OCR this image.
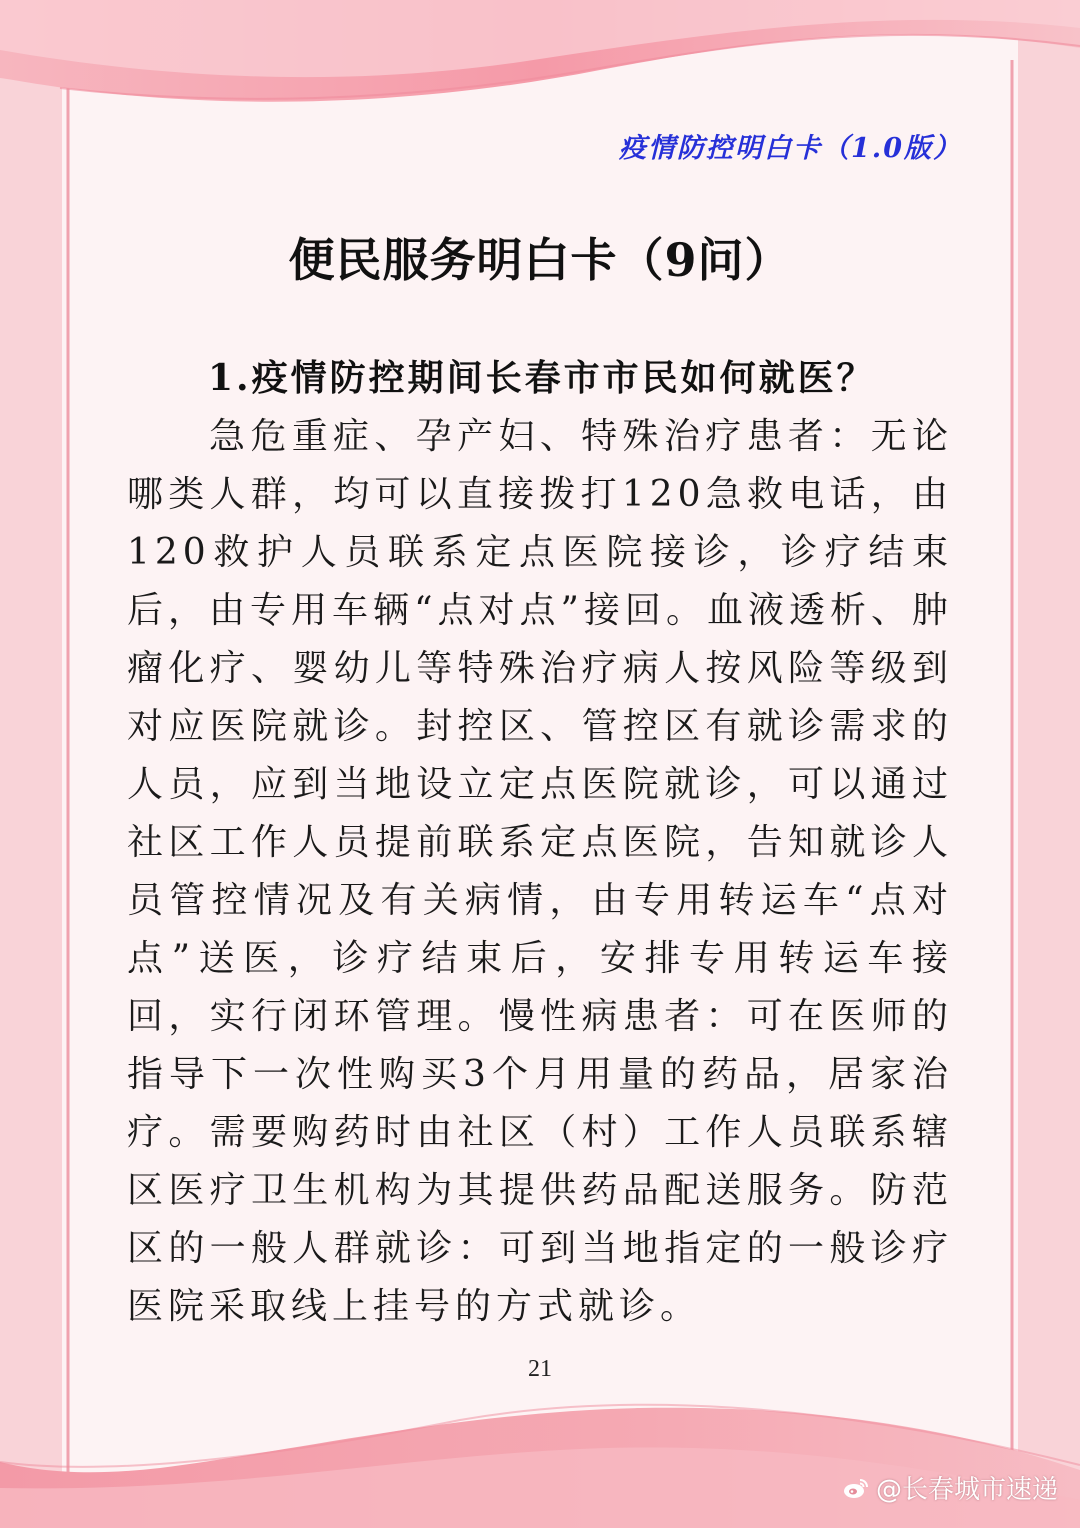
疫情防控明白卡（1.0版）
便民服务明白卡（9问）
1.疫情防控期间长春市市民如何就医？

急危重症、孕产妇、特殊治疗患者：无论哪类人群，均可以直接拨打120急救电话，由120救护人员联系定点医院接诊，诊疗结束后，由专用车辆“点对点”接回。血液透析、肿瘤化疗、婴幼儿等特殊治疗病人按风险等级到对应医院就诊。封控区、管控区有就诊需求的人员，应到当地设立定点医院就诊，可以通过社区工作人员提前联系定点医院，告知就诊人员管控情况及有关病情，由专用转运车“点对点”送医，诊疗结束后，安排专用转运车接回，实行闭环管理。慢性病患者：可在医师的指导下一次性购买3个月用量的药品，居家治疗。需要购药时由社区（村）工作人员联系辖区医疗卫生机构为其提供药品配送服务。防范区的一般人群就诊：可到当地指定的一般诊疗医院采取线上挂号的方式就诊。

21
@长春城市速递
